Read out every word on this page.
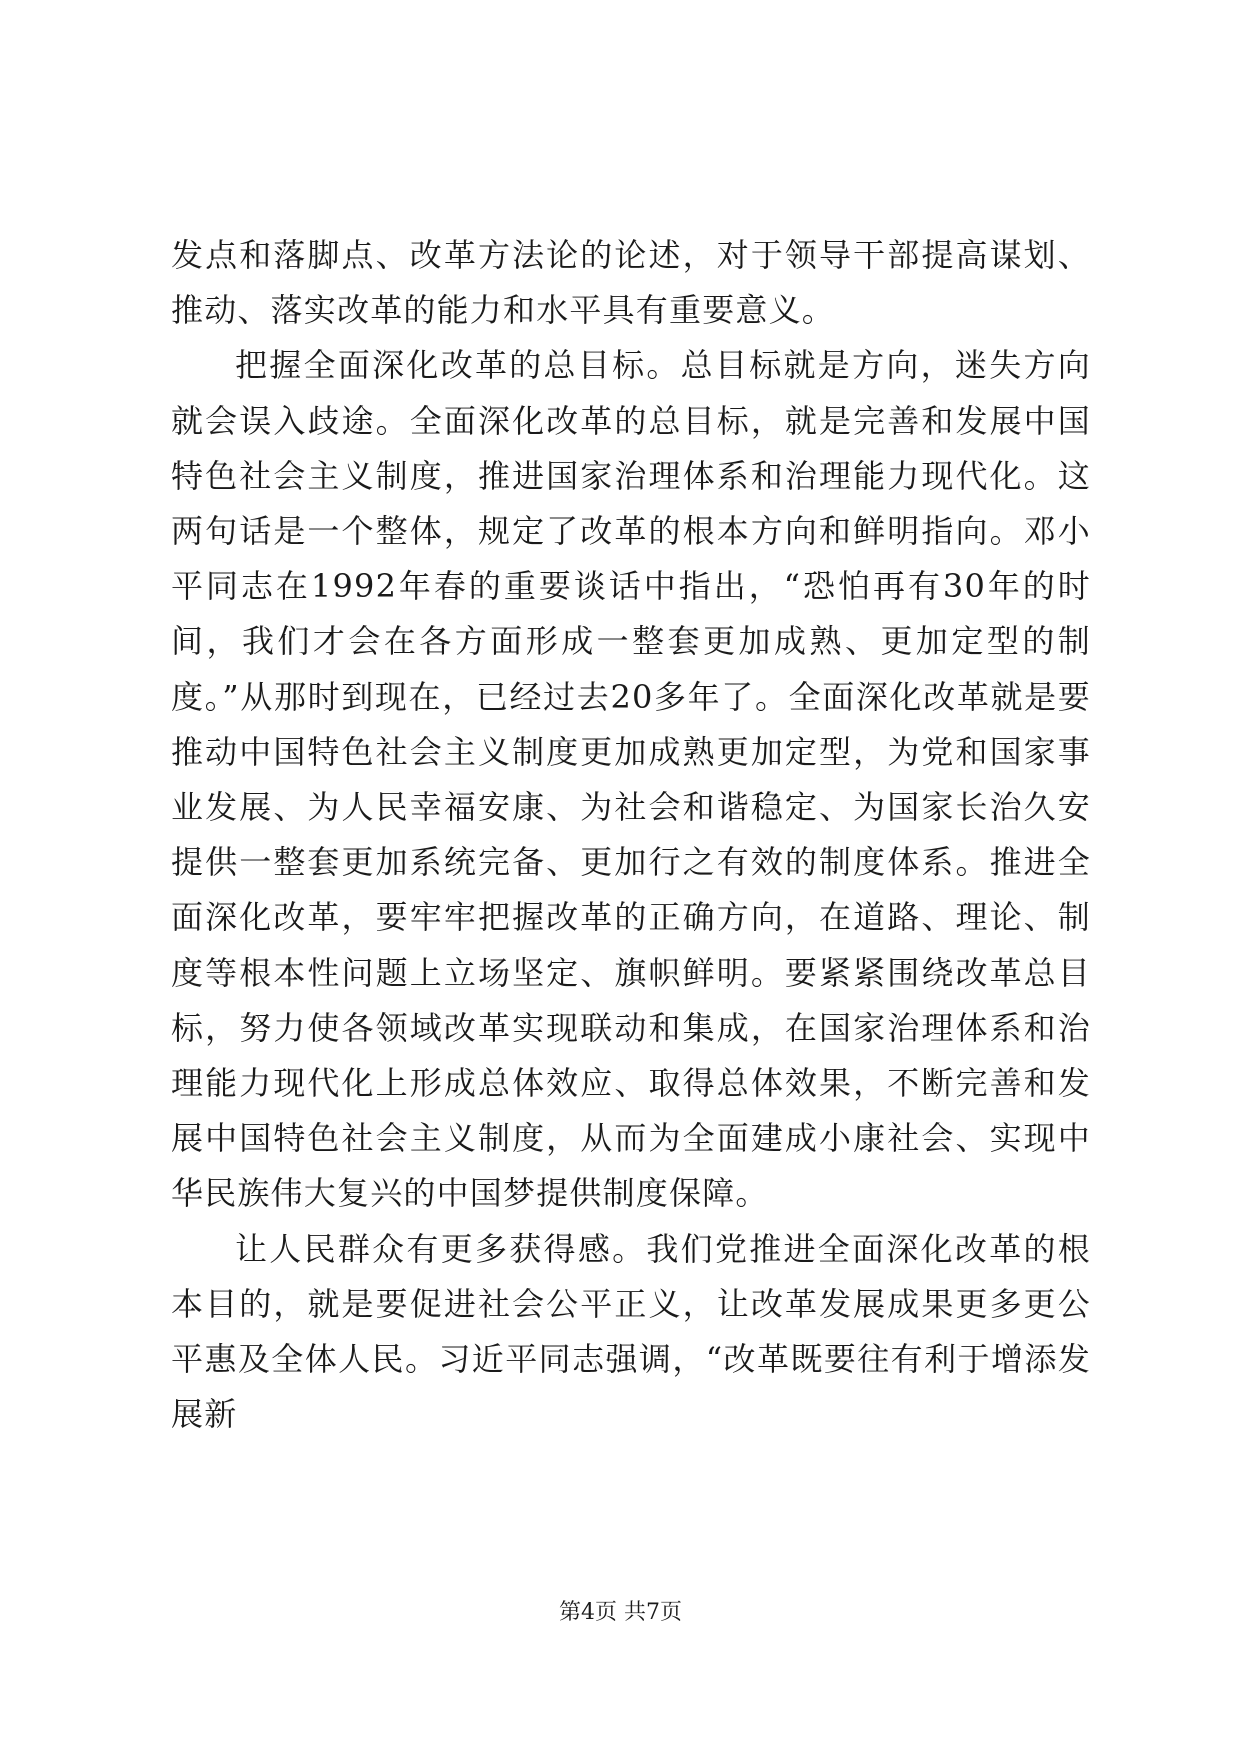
发点和落脚点、改革方法论的论述，对于领导干部提高谋划、推动、落实改革的能力和水平具有重要意义。

把握全面深化改革的总目标。总目标就是方向，迷失方向就会误入歧途。全面深化改革的总目标，就是完善和发展中国特色社会主义制度，推进国家治理体系和治理能力现代化。这两句话是一个整体，规定了改革的根本方向和鲜明指向。邓小平同志在1992年春的重要谈话中指出，“恐怕再有30年的时间，我们才会在各方面形成一整套更加成熟、更加定型的制度。”从那时到现在，已经过去20多年了。全面深化改革就是要推动中国特色社会主义制度更加成熟更加定型，为党和国家事业发展、为人民幸福安康、为社会和谐稳定、为国家长治久安提供一整套更加系统完备、更加行之有效的制度体系。推进全面深化改革，要牢牢把握改革的正确方向，在道路、理论、制度等根本性问题上立场坚定、旗帜鲜明。要紧紧围绕改革总目标，努力使各领域改革实现联动和集成，在国家治理体系和治理能力现代化上形成总体效应、取得总体效果，不断完善和发展中国特色社会主义制度，从而为全面建成小康社会、实现中华民族伟大复兴的中国梦提供制度保障。

让人民群众有更多获得感。我们党推进全面深化改革的根本目的，就是要促进社会公平正义，让改革发展成果更多更公平惠及全体人民。习近平同志强调，“改革既要往有利于增添发展新

第4页 共7页
